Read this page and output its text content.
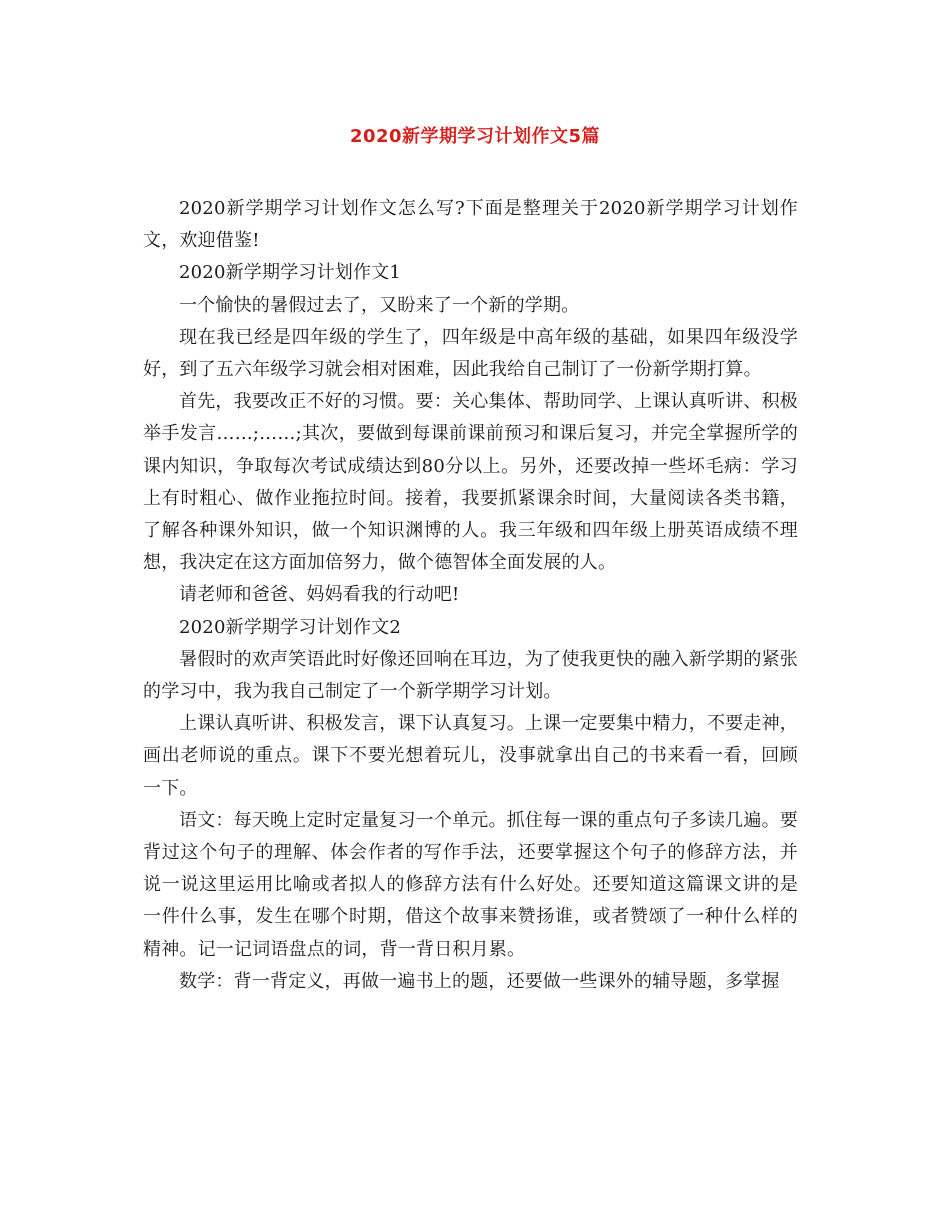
2020新学期学习计划作文5篇

2020新学期学习计划作文怎么写?下面是整理关于2020新学期学习计划作文，欢迎借鉴!

2020新学期学习计划作文1

一个愉快的暑假过去了，又盼来了一个新的学期。

现在我已经是四年级的学生了，四年级是中高年级的基础，如果四年级没学好，到了五六年级学习就会相对困难，因此我给自己制订了一份新学期打算。

首先，我要改正不好的习惯。要：关心集体、帮助同学、上课认真听讲、积极举手发言……;……;其次，要做到每课前课前预习和课后复习，并完全掌握所学的课内知识，争取每次考试成绩达到80分以上。另外，还要改掉一些坏毛病：学习上有时粗心、做作业拖拉时间。接着，我要抓紧课余时间，大量阅读各类书籍，了解各种课外知识，做一个知识渊博的人。我三年级和四年级上册英语成绩不理想，我决定在这方面加倍努力，做个德智体全面发展的人。

请老师和爸爸、妈妈看我的行动吧!

2020新学期学习计划作文2

暑假时的欢声笑语此时好像还回响在耳边，为了使我更快的融入新学期的紧张的学习中，我为我自己制定了一个新学期学习计划。

上课认真听讲、积极发言，课下认真复习。上课一定要集中精力，不要走神，画出老师说的重点。课下不要光想着玩儿，没事就拿出自己的书来看一看，回顾一下。

语文：每天晚上定时定量复习一个单元。抓住每一课的重点句子多读几遍。要背过这个句子的理解、体会作者的写作手法，还要掌握这个句子的修辞方法，并说一说这里运用比喻或者拟人的修辞方法有什么好处。还要知道这篇课文讲的是一件什么事，发生在哪个时期，借这个故事来赞扬谁，或者赞颂了一种什么样的精神。记一记词语盘点的词，背一背日积月累。

数学：背一背定义，再做一遍书上的题，还要做一些课外的辅导题，多掌握
